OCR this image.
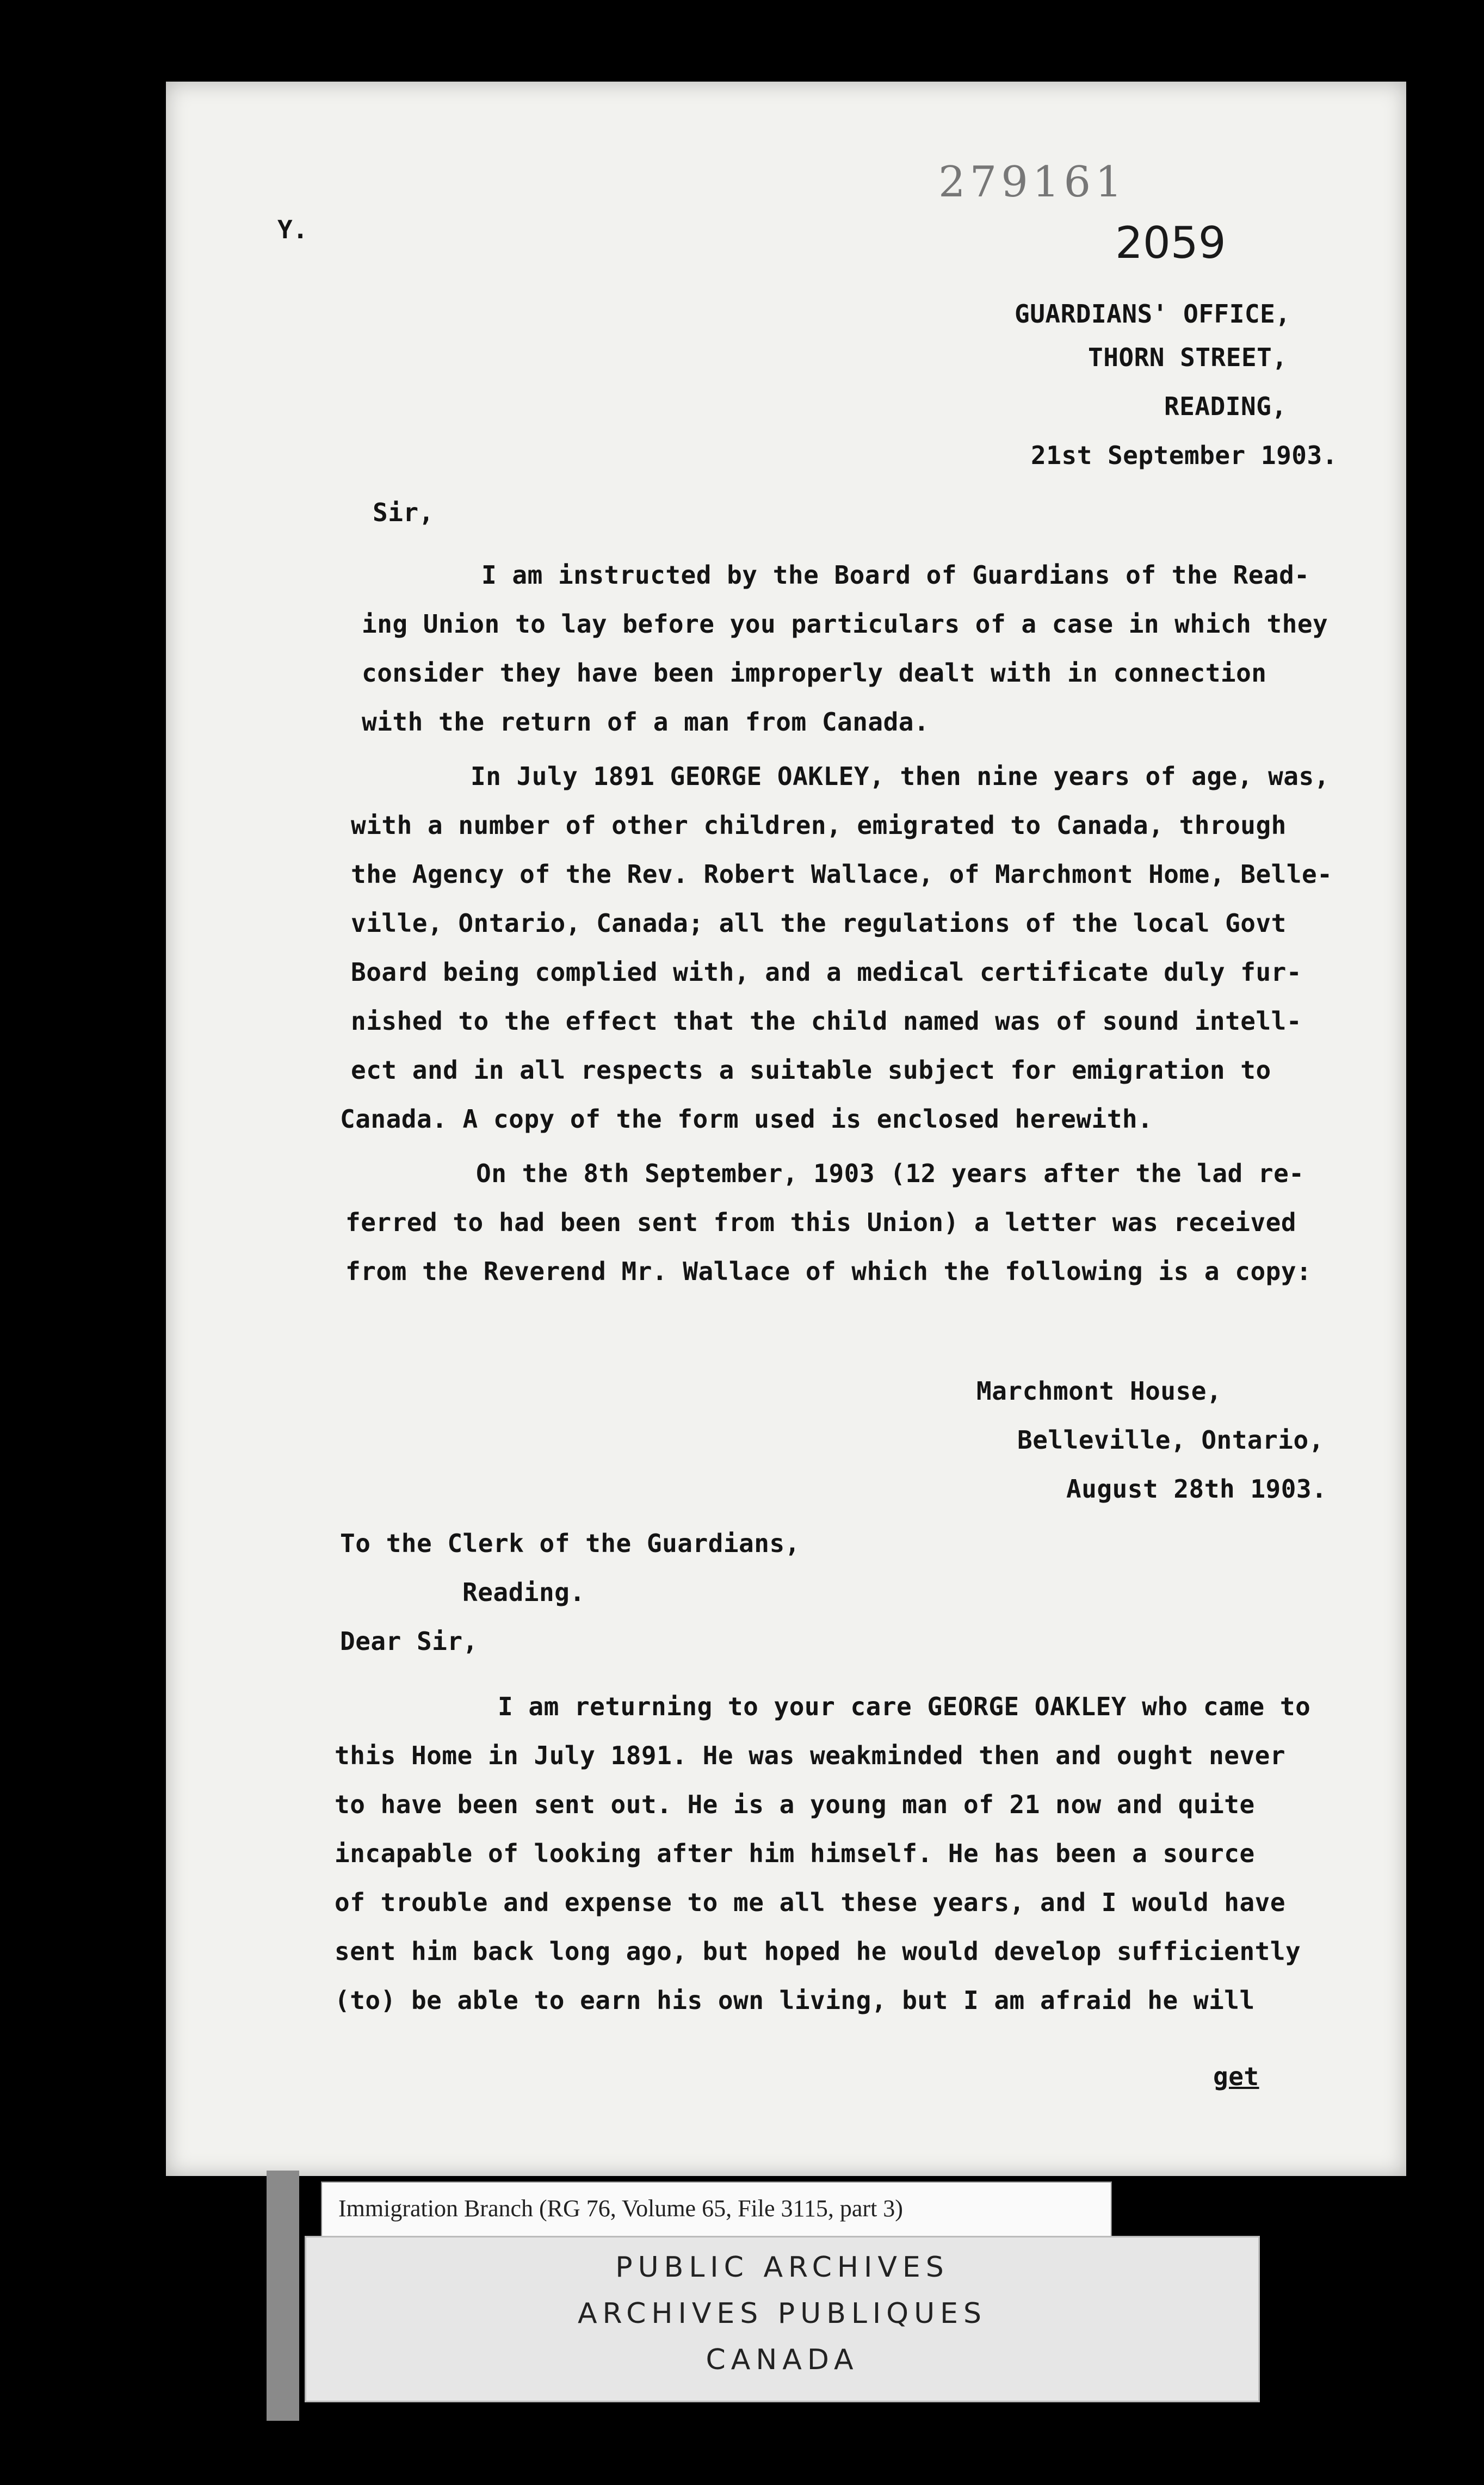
Y.
279161
2059
GUARDIANS' OFFICE,
THORN STREET,
READING,
21st September 1903.
Sir,
I am instructed by the Board of Guardians of the Read-
ing Union to lay before you particulars of a case in which they
consider they have been improperly dealt with in connection
with the return of a man from Canada.
In July 1891 GEORGE OAKLEY, then nine years of age, was,
with a number of other children, emigrated to Canada, through
the Agency of the Rev. Robert Wallace, of Marchmont Home, Belle-
ville, Ontario, Canada; all the regulations of the local Govt
Board being complied with, and a medical certificate duly fur-
nished to the effect that the child named was of sound intell-
ect and in all respects a suitable subject for emigration to
Canada. A copy of the form used is enclosed herewith.
On the 8th September, 1903 (12 years after the lad re-
ferred to had been sent from this Union) a letter was received
from the Reverend Mr. Wallace of which the following is a copy:
Marchmont House,
Belleville, Ontario,
August 28th 1903.
To the Clerk of the Guardians,
Reading.
Dear Sir,
I am returning to your care GEORGE OAKLEY who came to
this Home in July 1891. He was weakminded then and ought never
to have been sent out. He is a young man of 21 now and quite
incapable of looking after him himself. He has been a source
of trouble and expense to me all these years, and I would have
sent him back long ago, but hoped he would develop sufficiently
(to) be able to earn his own living, but I am afraid he will
get
Immigration Branch (RG 76, Volume 65, File 3115, part 3)
PUBLIC ARCHIVES
ARCHIVES PUBLIQUES
CANADA
